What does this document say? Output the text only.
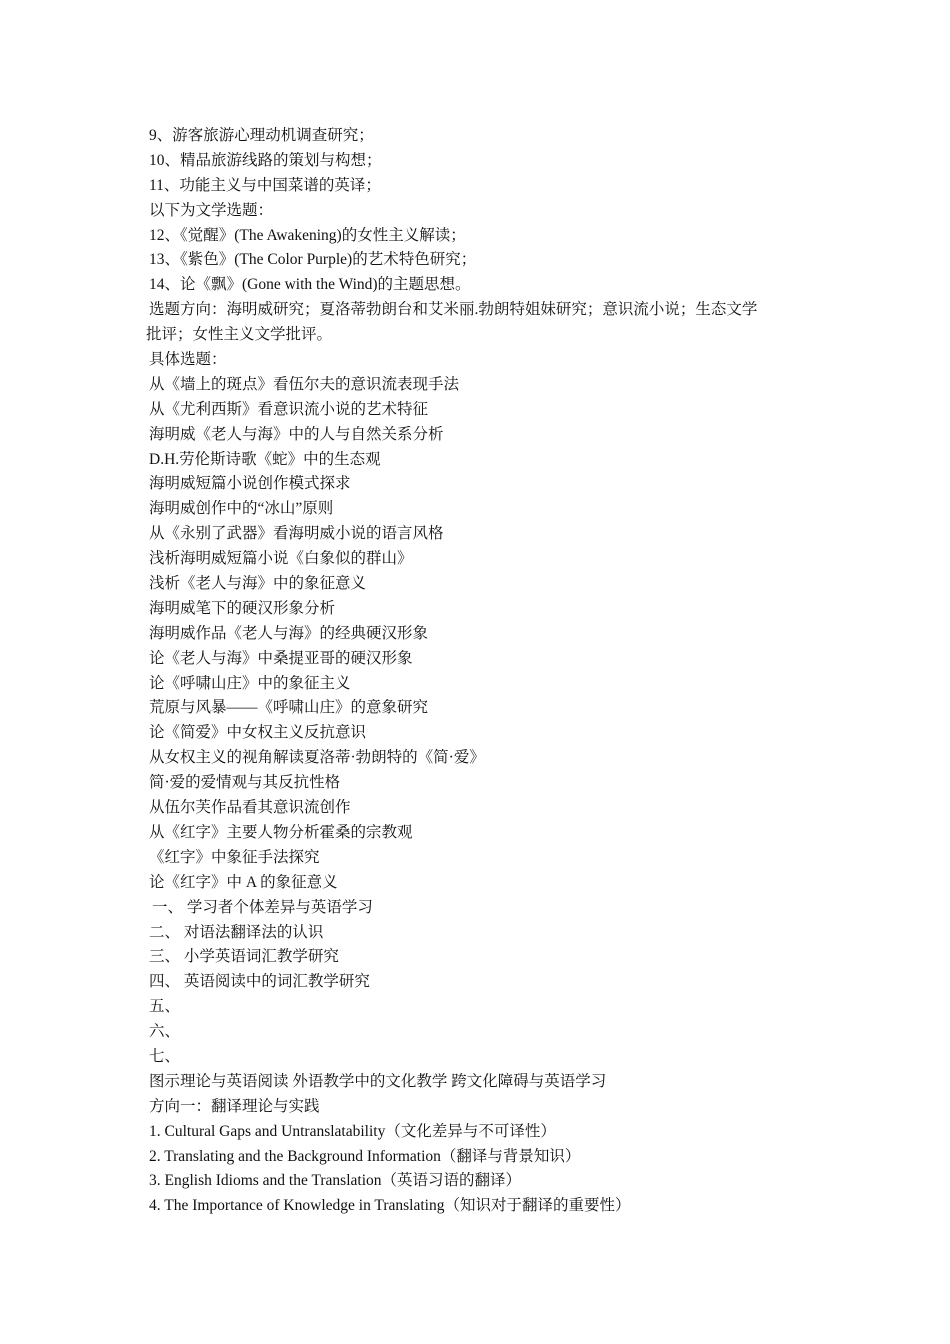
9、游客旅游心理动机调查研究；
10、精品旅游线路的策划与构想；
11、功能主义与中国菜谱的英译；
以下为文学选题：
12、《觉醒》(The Awakening)的女性主义解读；
13、《紫色》(The Color Purple)的艺术特色研究；
14、论《飘》(Gone with the Wind)的主题思想。
选题方向：海明威研究；夏洛蒂勃朗台和艾米丽.勃朗特姐妹研究；意识流小说；生态文学
批评；女性主义文学批评。
具体选题：
从《墙上的斑点》看伍尔夫的意识流表现手法
从《尤利西斯》看意识流小说的艺术特征
海明威《老人与海》中的人与自然关系分析
D.H.劳伦斯诗歌《蛇》中的生态观
海明威短篇小说创作模式探求
海明威创作中的“冰山”原则
从《永别了武器》看海明威小说的语言风格
浅析海明威短篇小说《白象似的群山》
浅析《老人与海》中的象征意义
海明威笔下的硬汉形象分析
海明威作品《老人与海》的经典硬汉形象
论《老人与海》中桑提亚哥的硬汉形象
论《呼啸山庄》中的象征主义
荒原与风暴——《呼啸山庄》的意象研究
论《简爱》中女权主义反抗意识
从女权主义的视角解读夏洛蒂·勃朗特的《简·爱》
简·爱的爱情观与其反抗性格
从伍尔芙作品看其意识流创作
从《红字》主要人物分析霍桑的宗教观
《红字》中象征手法探究
论《红字》中 A 的象征意义
一、 学习者个体差异与英语学习
二、 对语法翻译法的认识
三、 小学英语词汇教学研究
四、 英语阅读中的词汇教学研究
五、
六、
七、
图示理论与英语阅读 外语教学中的文化教学 跨文化障碍与英语学习
方向一：翻译理论与实践
1. Cultural Gaps and Untranslatability（文化差异与不可译性）
2. Translating and the Background Information（翻译与背景知识）
3. English Idioms and the Translation（英语习语的翻译）
4. The Importance of Knowledge in Translating（知识对于翻译的重要性）
